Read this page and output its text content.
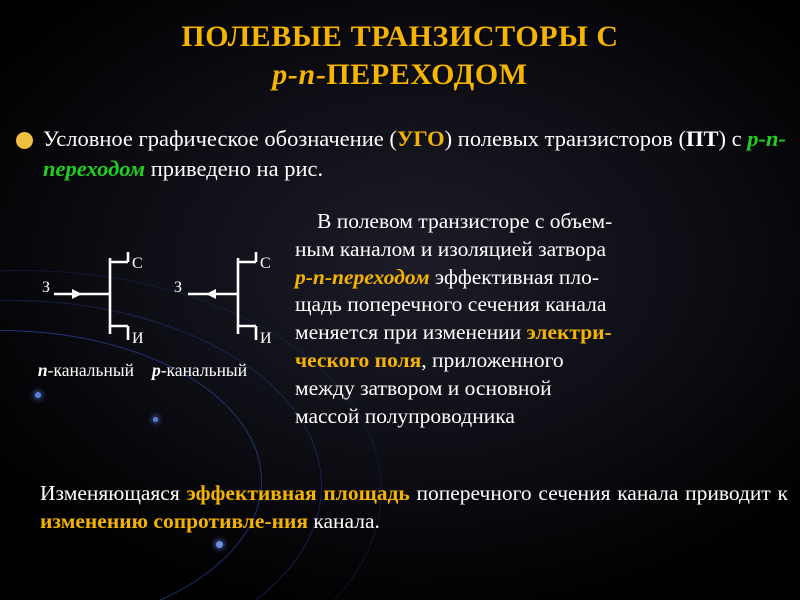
ПОЛЕВЫЕ ТРАНЗИСТОРЫ С
p-n-ПЕРЕХОДОМ
Условное графическое обозначение (УГО) полевых транзисторов (ПТ) с p-n-переходом приведено на рис.
В полевом транзисторе с объем-
ным каналом и изоляцией затвора
p-n-переходом эффективная пло-
щадь поперечного сечения канала
меняется при изменении электри-
ческого поля, приложенного
между затвором и основной
массой полупроводника
З
С
И
З
С
И
n-канальный p-канальный
Изменяющаяся эффективная площадь поперечного сечения канала приводит к изменению сопротивле-ния канала.
